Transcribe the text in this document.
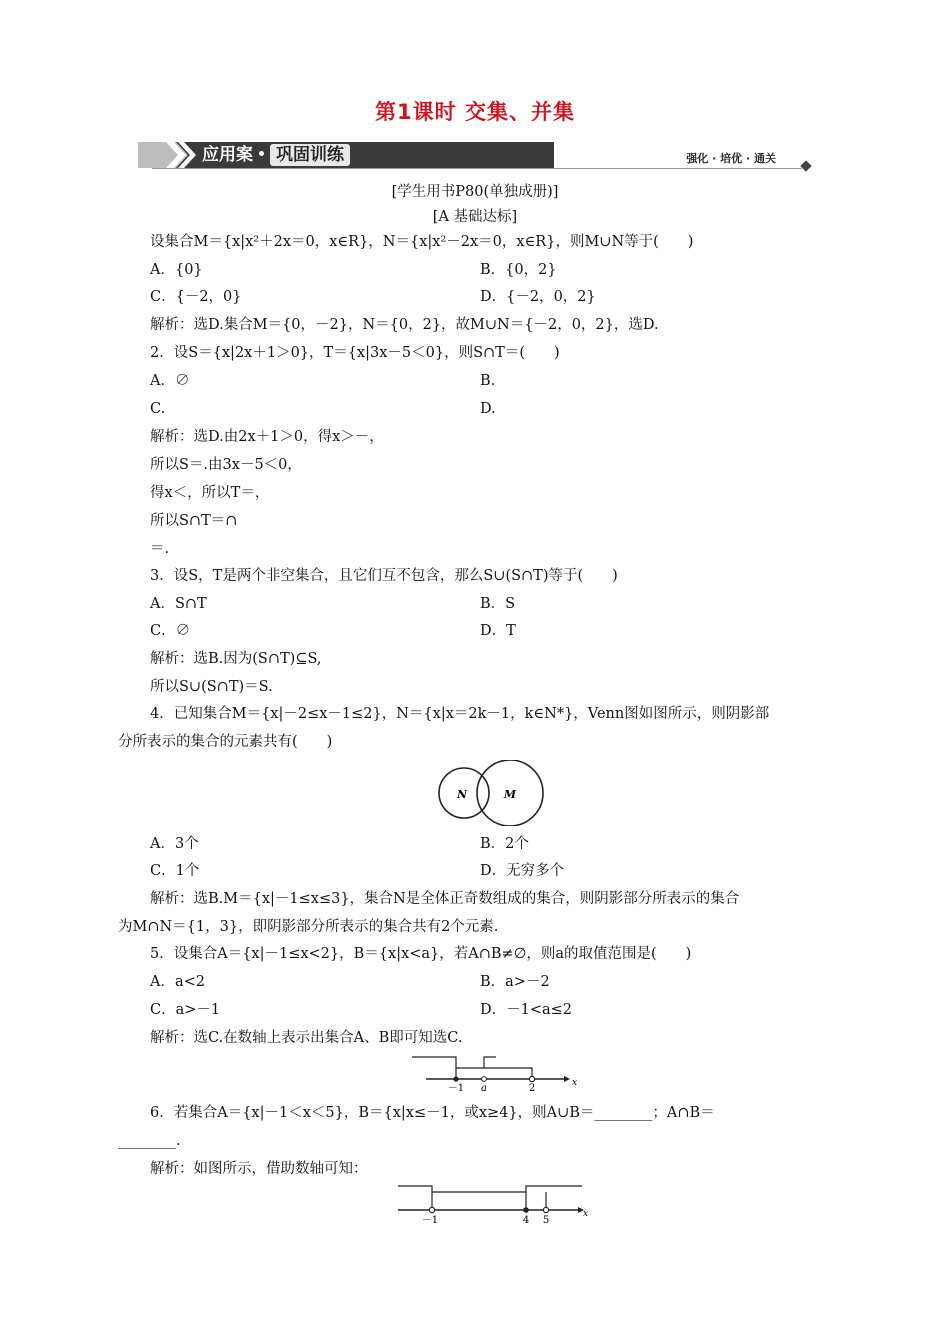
第1课时 交集、并集
应用案 巩固训练	强化 · 培优 · 通关
[学生用书P80(单独成册)]
[A 基础达标]
设集合M＝{x|x²＋2x＝0，x∈R}，N＝{x|x²－2x＝0，x∈R}，则M∪N等于(　　)
A．{0}	B．{0，2}
C．{－2，0}	D．{－2，0，2}
解析：选D.集合M＝{0，－2}，N＝{0，2}，故M∪N＝{－2，0，2}，选D.
2．设S＝{x|2x＋1＞0}，T＝{x|3x－5＜0}，则S∩T＝(　　)
A．∅	B.
C.	D.
解析：选D.由2x＋1＞0，得x＞－，
所以S＝.由3x－5＜0，
得x＜，所以T＝，
所以S∩T＝∩
＝.
3．设S，T是两个非空集合，且它们互不包含，那么S∪(S∩T)等于(　　)
A．S∩T	B．S
C．∅	D．T
解析：选B.因为(S∩T)⊆S,
所以S∪(S∩T)＝S.
4．已知集合M＝{x|－2≤x－1≤2}，N＝{x|x＝2k－1，k∈N*}，Venn图如图所示，则阴影部
分所表示的集合的元素共有(　　)
N	M
A．3个	B．2个
C．1个	D．无穷多个
解析：选B.M＝{x|－1≤x≤3}，集合N是全体正奇数组成的集合，则阴影部分所表示的集合
为M∩N＝{1，3}，即阴影部分所表示的集合共有2个元素.
5．设集合A＝{x|－1≤x<2}，B＝{x|x<a}，若A∩B≠∅，则a的取值范围是(　　)
A．a<2	B．a>－2
C．a>－1	D．－1<a≤2
解析：选C.在数轴上表示出集合A、B即可知选C.
－1 a	2	x
6．若集合A＝{x|－1＜x＜5}，B＝{x|x≤－1，或x≥4}，则A∪B＝________；A∩B＝
________.
解析：如图所示，借助数轴可知：
－1	4 5
x
